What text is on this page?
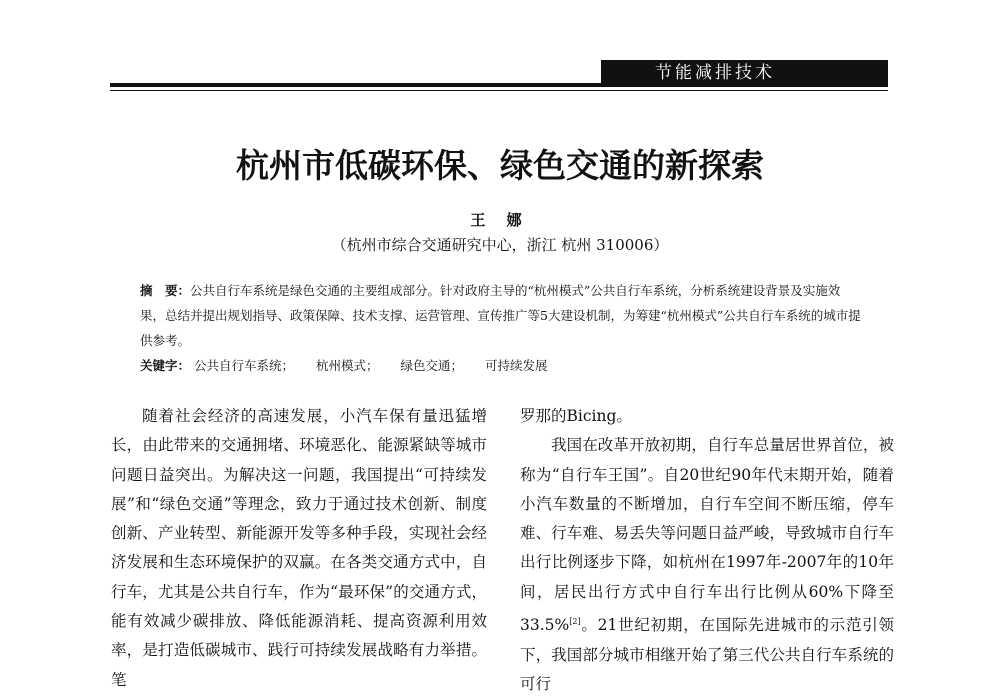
节能减排技术
杭州市低碳环保、绿色交通的新探索
王 娜
（杭州市综合交通研究中心，浙江 杭州 310006）

摘　要：公共自行车系统是绿色交通的主要组成部分。针对政府主导的“杭州模式”公共自行车系统，分析系统建设背景及实施效果，总结并提出规划指导、政策保障、技术支撑、运营管理、宣传推广等5大建设机制，为筹建“杭州模式”公共自行车系统的城市提供参考。

关键字： 公共自行车系统； 杭州模式； 绿色交通； 可持续发展

随着社会经济的高速发展，小汽车保有量迅猛增长，由此带来的交通拥堵、环境恶化、能源紧缺等城市问题日益突出。为解决这一问题，我国提出“可持续发展”和“绿色交通”等理念，致力于通过技术创新、制度创新、产业转型、新能源开发等多种手段，实现社会经济发展和生态环境保护的双赢。在各类交通方式中，自行车，尤其是公共自行车，作为“最环保”的交通方式，能有效减少碳排放、降低能源消耗、提高资源利用效率，是打造低碳城市、践行可持续发展战略有力举措。笔

罗那的Bicing。

我国在改革开放初期，自行车总量居世界首位，被称为“自行车王国”。自20世纪90年代末期开始，随着小汽车数量的不断增加，自行车空间不断压缩，停车难、行车难、易丢失等问题日益严峻，导致城市自行车出行比例逐步下降，如杭州在1997年-2007年的10年间，居民出行方式中自行车出行比例从60%下降至33.5%[2]。21世纪初期，在国际先进城市的示范引领下，我国部分城市相继开始了第三代公共自行车系统的可行
